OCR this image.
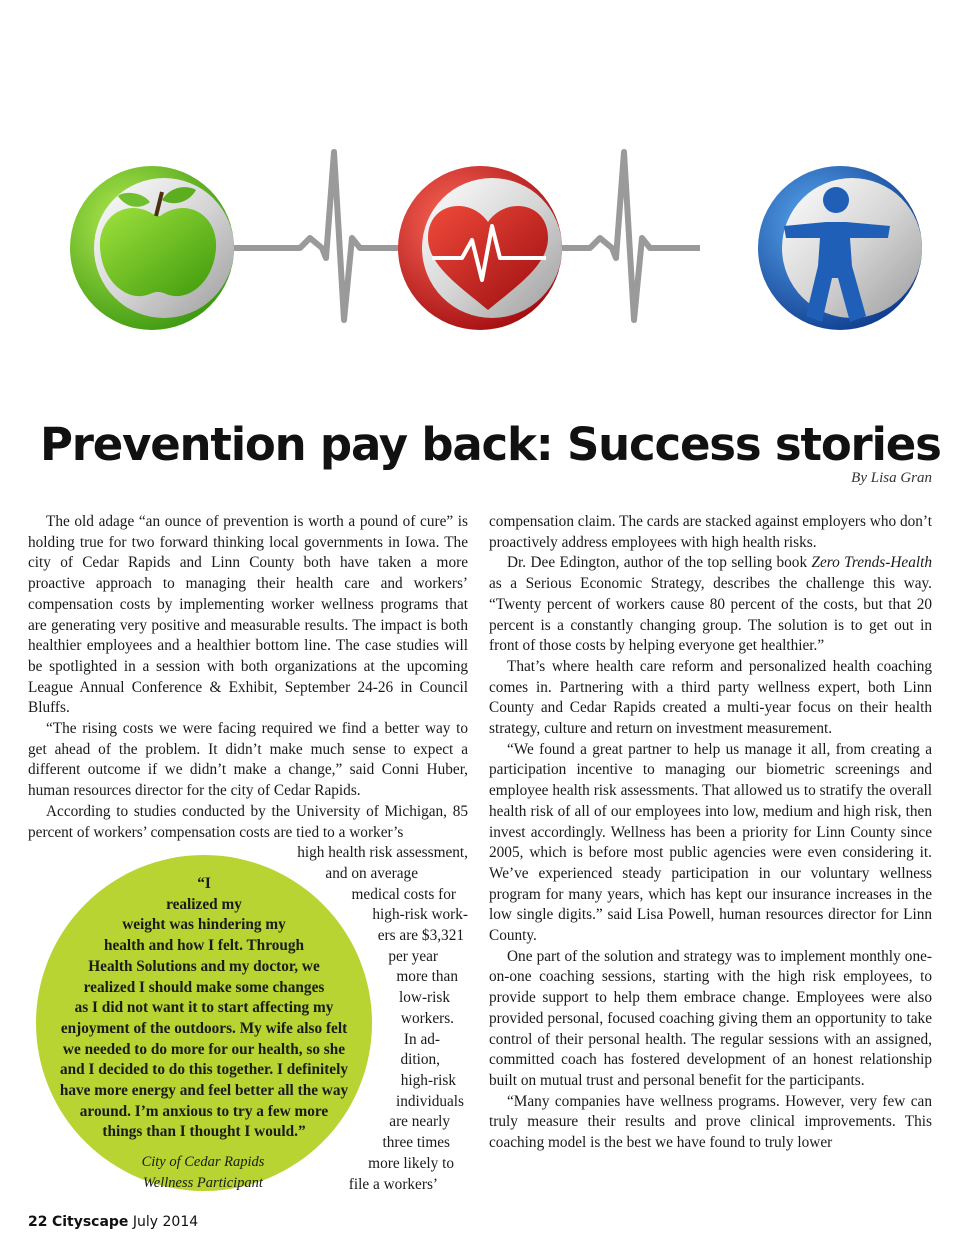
Prevention pay back: Success stories

By Lisa Gran

The old adage “an ounce of prevention is worth a pound of cure” is holding true for two forward thinking local governments in Iowa. The city of Cedar Rapids and Linn County both have taken a more proactive approach to managing their health care and workers’ compensation costs by implementing worker wellness programs that are generating very positive and measurable results. The impact is both healthier employees and a healthier bottom line. The case studies will be spotlighted in a session with both organizations at the upcoming League Annual Conference & Exhibit, September 24-26 in Council Bluffs.

“The rising costs we were facing required we find a better way to get ahead of the problem. It didn’t make much sense to expect a different outcome if we didn’t make a change,” said Conni Huber, human resources director for the city of Cedar Rapids.

According to studies conducted by the University of Michigan, 85 percent of workers’ compensation costs are tied to a worker’s

high health risk assessment,
and on average
medical costs for
high-risk work-
ers are $3,321
per year
more than
low-risk
workers.
In ad-
dition,
high-risk
individuals
are nearly
three times
more likely to
file a workers’
“I
realized my
weight was hindering my
health and how I felt. Through
Health Solutions and my doctor, we
realized I should make some changes
as I did not want it to start affecting my
enjoyment of the outdoors. My wife also felt
we needed to do more for our health, so she
and I decided to do this together. I definitely
have more energy and feel better all the way
around. I’m anxious to try a few more
things than I thought I would.”
City of Cedar Rapids
Wellness Participant

compensation claim. The cards are stacked against employers who don’t proactively address employees with high health risks.

Dr. Dee Edington, author of the top selling book Zero Trends-Health as a Serious Economic Strategy, describes the challenge this way. “Twenty percent of workers cause 80 percent of the costs, but that 20 percent is a constantly changing group. The solution is to get out in front of those costs by helping everyone get healthier.”

That’s where health care reform and personalized health coaching comes in. Partnering with a third party wellness expert, both Linn County and Cedar Rapids created a multi-year focus on their health strategy, culture and return on investment measurement.

“We found a great partner to help us manage it all, from creating a participation incentive to managing our biometric screenings and employee health risk assessments. That allowed us to stratify the overall health risk of all of our employees into low, medium and high risk, then invest accordingly. Wellness has been a priority for Linn County since 2005, which is before most public agencies were even considering it. We’ve experienced steady participation in our voluntary wellness program for many years, which has kept our insurance increases in the low single digits.” said Lisa Powell, human resources director for Linn County.

One part of the solution and strategy was to implement monthly one-on-one coaching sessions, starting with the high risk employees, to provide support to help them embrace change. Employees were also provided personal, focused coaching giving them an opportunity to take control of their personal health. The regular sessions with an assigned, committed coach has fostered development of an honest relationship built on mutual trust and personal benefit for the participants.

“Many companies have wellness programs. However, very few can truly measure their results and prove clinical improvements. This coaching model is the best we have found to truly lower

22 Cityscape July 2014
